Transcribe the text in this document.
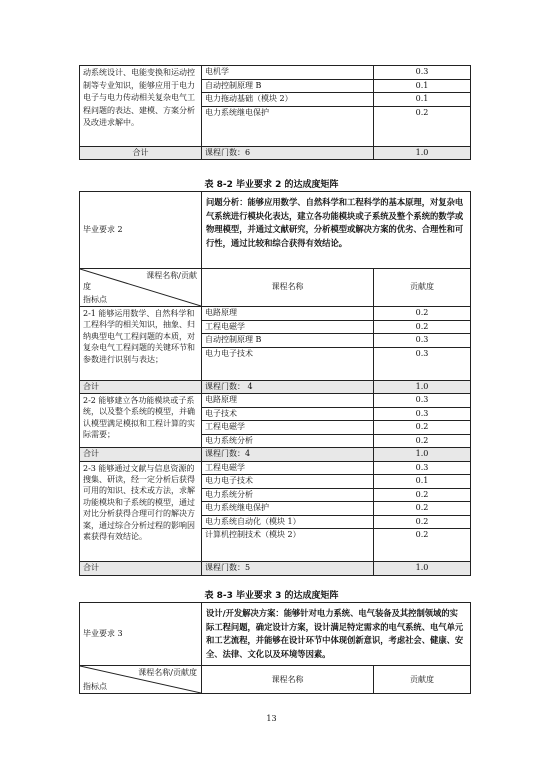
动系统设计、电能变换和运动控制等专业知识，能够应用于电力电子与电力传动相关复杂电气工程问题的表达、建模、方案分析及改进求解中。	电机学	0.3
	自动控制原理 B	0.1
	电力拖动基础（模块 2）	0.1
	电力系统继电保护	0.2
合计	课程门数：6	1.0
表 8-2 毕业要求 2 的达成度矩阵
毕业要求 2	问题分析：能够应用数学、自然科学和工程科学的基本原理，对复杂电气系统进行模块化表达，建立各功能模块或子系统及整个系统的数学或物理模型，并通过文献研究，分析模型或解决方案的优劣、合理性和可行性，通过比较和综合获得有效结论。	

课程名称/贡献
度
指标点	课程名称	贡献度
2-1 能够运用数学、自然科学和工程科学的相关知识，抽象、归纳典型电气工程问题的本质，对复杂电气工程问题的关键环节和参数进行识别与表达；	电路原理	0.2
	工程电磁学	0.2
	自动控制原理 B	0.3
	电力电子技术	0.3
合计	课程门数： 4	1.0
2-2 能够建立各功能模块或子系统，以及整个系统的模型，并确认模型满足模拟和工程计算的实际需要；	电路原理	0.3
	电子技术	0.3
	工程电磁学	0.2
	电力系统分析	0.2
合计	课程门数：4	1.0
2-3 能够通过文献与信息资源的搜集、研读，经一定分析后获得可用的知识、技术或方法，求解功能模块和子系统的模型，通过对比分析获得合理可行的解决方案，通过综合分析过程的影响因素获得有效结论。	工程电磁学	0.3
	电力电子技术	0.1
	电力系统分析	0.2
	电力系统继电保护	0.2
	电力系统自动化（模块 1）	0.2
	计算机控制技术（模块 2）	0.2
合计	课程门数：5	1.0
表 8-3 毕业要求 3 的达成度矩阵
毕业要求 3	设计/开发解决方案：能够针对电力系统、电气装备及其控制领域的实际工程问题，确定设计方案，设计满足特定需求的电气系统、电气单元和工艺流程，并能够在设计环节中体现创新意识，考虑社会、健康、安全、法律、文化以及环境等因素。	

课程名称/贡献度
指标点	课程名称	贡献度
13
